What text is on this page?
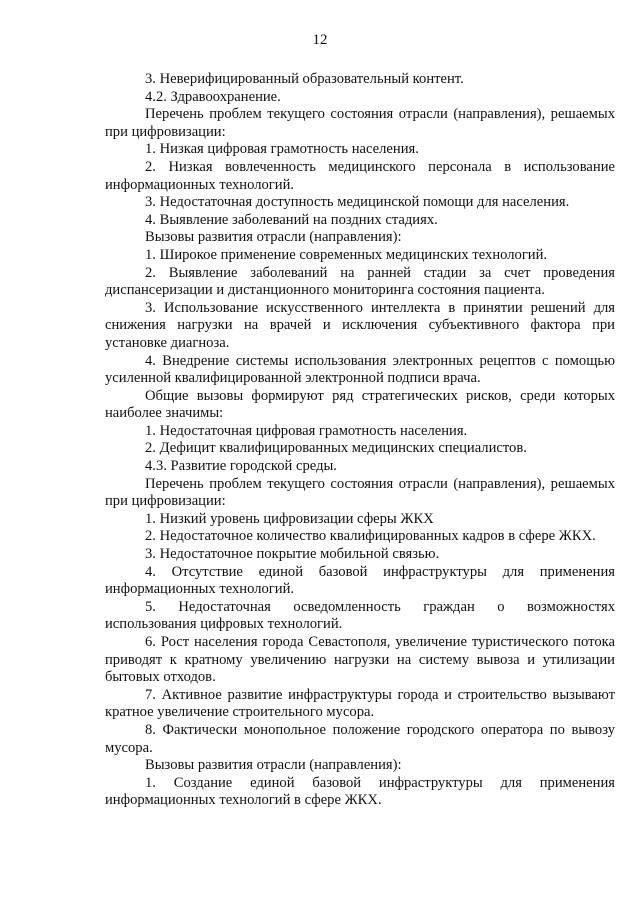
12

3. Неверифицированный образовательный контент.

4.2. Здравоохранение.

Перечень проблем текущего состояния отрасли (направления), решаемых при цифровизации:

1. Низкая цифровая грамотность населения.

2. Низкая вовлеченность медицинского персонала в использование информационных технологий.

3. Недостаточная доступность медицинской помощи для населения.

4. Выявление заболеваний на поздних стадиях.

Вызовы развития отрасли (направления):

1. Широкое применение современных медицинских технологий.

2. Выявление заболеваний на ранней стадии за счет проведения диспансеризации и дистанционного мониторинга состояния пациента.

3. Использование искусственного интеллекта в принятии решений для снижения нагрузки на врачей и исключения субъективного фактора при установке диагноза.

4. Внедрение системы использования электронных рецептов с помощью усиленной квалифицированной электронной подписи врача.

Общие вызовы формируют ряд стратегических рисков, среди которых наиболее значимы:

1. Недостаточная цифровая грамотность населения.

2. Дефицит квалифицированных медицинских специалистов.

4.3. Развитие городской среды.

Перечень проблем текущего состояния отрасли (направления), решаемых при цифровизации:

1. Низкий уровень цифровизации сферы ЖКХ

2. Недостаточное количество квалифицированных кадров в сфере ЖКХ.

3. Недостаточное покрытие мобильной связью.

4. Отсутствие единой базовой инфраструктуры для применения информационных технологий.

5. Недостаточная осведомленность граждан о возможностях использования цифровых технологий.

6. Рост населения города Севастополя, увеличение туристического потока приводят к кратному увеличению нагрузки на систему вывоза и утилизации бытовых отходов.

7. Активное развитие инфраструктуры города и строительство вызывают кратное увеличение строительного мусора.

8. Фактически монопольное положение городского оператора по вывозу мусора.

Вызовы развития отрасли (направления):

1. Создание единой базовой инфраструктуры для применения информационных технологий в сфере ЖКХ.
